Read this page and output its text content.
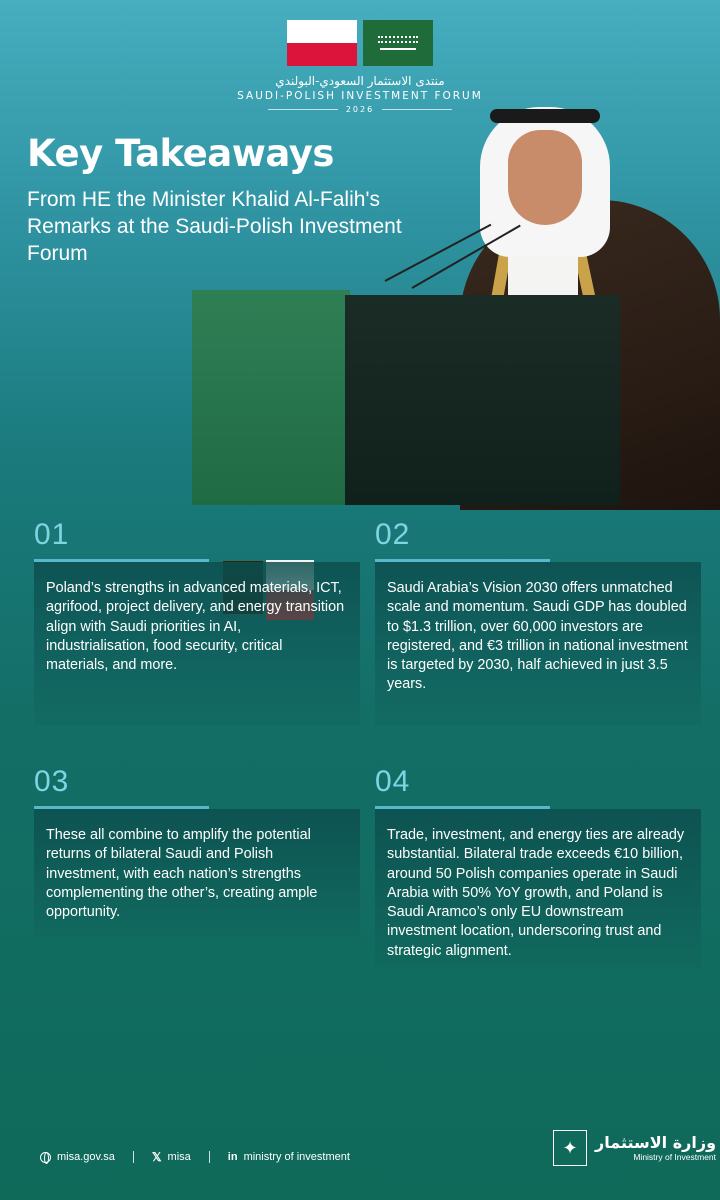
منتدى الاستثمار السعودي-البولندي
SAUDI-POLISH INVESTMENT FORUM
2026
Key Takeaways
From HE the Minister Khalid Al-Falih's Remarks at the Saudi-Polish Investment Forum
01
Poland’s strengths in advanced materials, ICT, agrifood, project delivery, and energy transition align with Saudi priorities in AI, industrialisation, food security, critical materials, and more.
02
Saudi Arabia’s Vision 2030 offers unmatched scale and momentum. Saudi GDP has doubled to $1.3 trillion, over 60,000 investors are registered, and €3 trillion in national investment is targeted by 2030, half achieved in just 3.5 years.
03
These all combine to amplify the potential returns of bilateral Saudi and Polish investment, with each nation’s strengths complementing the other’s, creating ample opportunity.
04
Trade, investment, and energy ties are already substantial. Bilateral trade exceeds €10 billion, around 50 Polish companies operate in Saudi Arabia with 50% YoY growth, and Poland is Saudi Aramco’s only EU downstream investment location, underscoring trust and strategic alignment.
misa.gov.sa	𝕏 misa	in ministry of investment	✦	وزارة الاستثمار
Ministry of Investment
